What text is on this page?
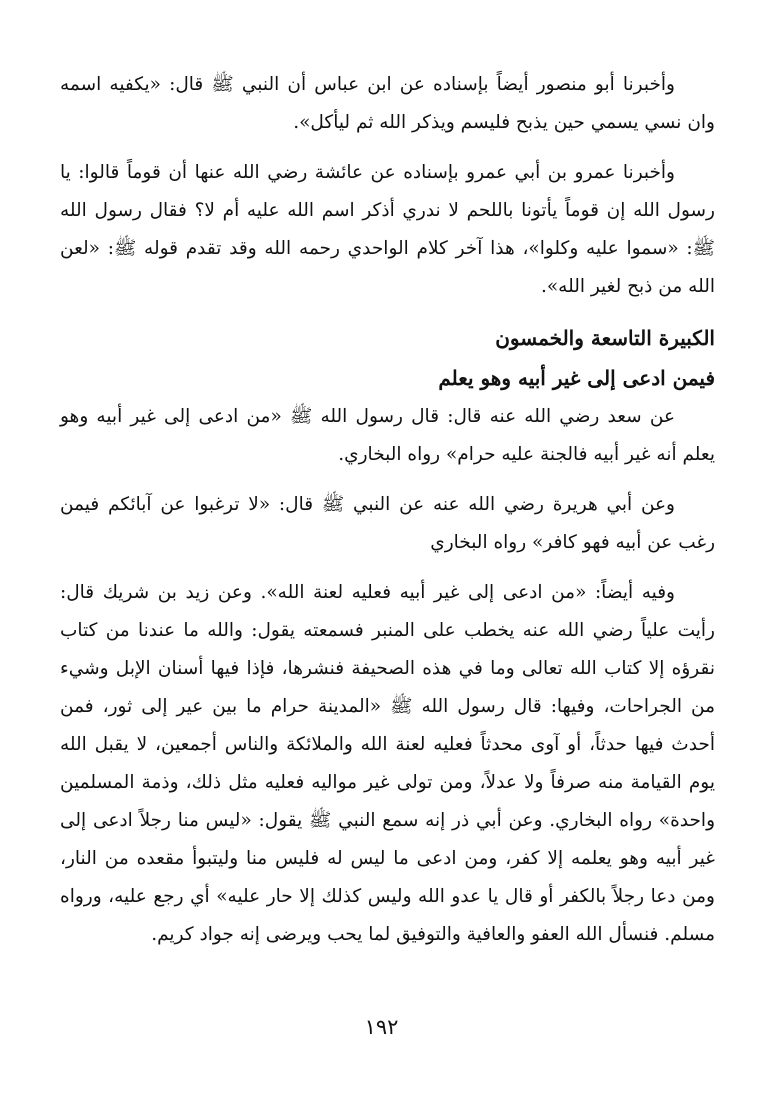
وأخبرنا أبو منصور أيضاً بإسناده عن ابن عباس أن النبي ﷺ قال: «يكفيه اسمه وان نسي يسمي حين يذبح فليسم ويذكر الله ثم ليأكل».

وأخبرنا عمرو بن أبي عمرو بإسناده عن عائشة رضي الله عنها أن قوماً قالوا: يا رسول الله إن قوماً يأتونا باللحم لا ندري أذكر اسم الله عليه أم لا؟ فقال رسول الله ﷺ: «سموا عليه وكلوا»، هذا آخر كلام الواحدي رحمه الله وقد تقدم قوله ﷺ: «لعن الله من ذبح لغير الله».

الكبيرة التاسعة والخمسون
فيمن ادعى إلى غير أبيه وهو يعلم

عن سعد رضي الله عنه قال: قال رسول الله ﷺ «من ادعى إلى غير أبيه وهو يعلم أنه غير أبيه فالجنة عليه حرام» رواه البخاري.

وعن أبي هريرة رضي الله عنه عن النبي ﷺ قال: «لا ترغبوا عن آبائكم فيمن رغب عن أبيه فهو كافر» رواه البخاري

وفيه أيضاً: «من ادعى إلى غير أبيه فعليه لعنة الله». وعن زيد بن شريك قال: رأيت علياً رضي الله عنه يخطب على المنبر فسمعته يقول: والله ما عندنا من كتاب نقرؤه إلا كتاب الله تعالى وما في هذه الصحيفة فنشرها، فإذا فيها أسنان الإبل وشيء من الجراحات، وفيها: قال رسول الله ﷺ «المدينة حرام ما بين عير إلى ثور، فمن أحدث فيها حدثاً، أو آوى محدثاً فعليه لعنة الله والملائكة والناس أجمعين، لا يقبل الله يوم القيامة منه صرفاً ولا عدلاً، ومن تولى غير مواليه فعليه مثل ذلك، وذمة المسلمين واحدة» رواه البخاري. وعن أبي ذر إنه سمع النبي ﷺ يقول: «ليس منا رجلاً ادعى إلى غير أبيه وهو يعلمه إلا كفر، ومن ادعى ما ليس له فليس منا وليتبوأ مقعده من النار، ومن دعا رجلاً بالكفر أو قال يا عدو الله وليس كذلك إلا حار عليه» أي رجع عليه، ورواه مسلم. فنسأل الله العفو والعافية والتوفيق لما يحب ويرضى إنه جواد كريم.

١٩٢
